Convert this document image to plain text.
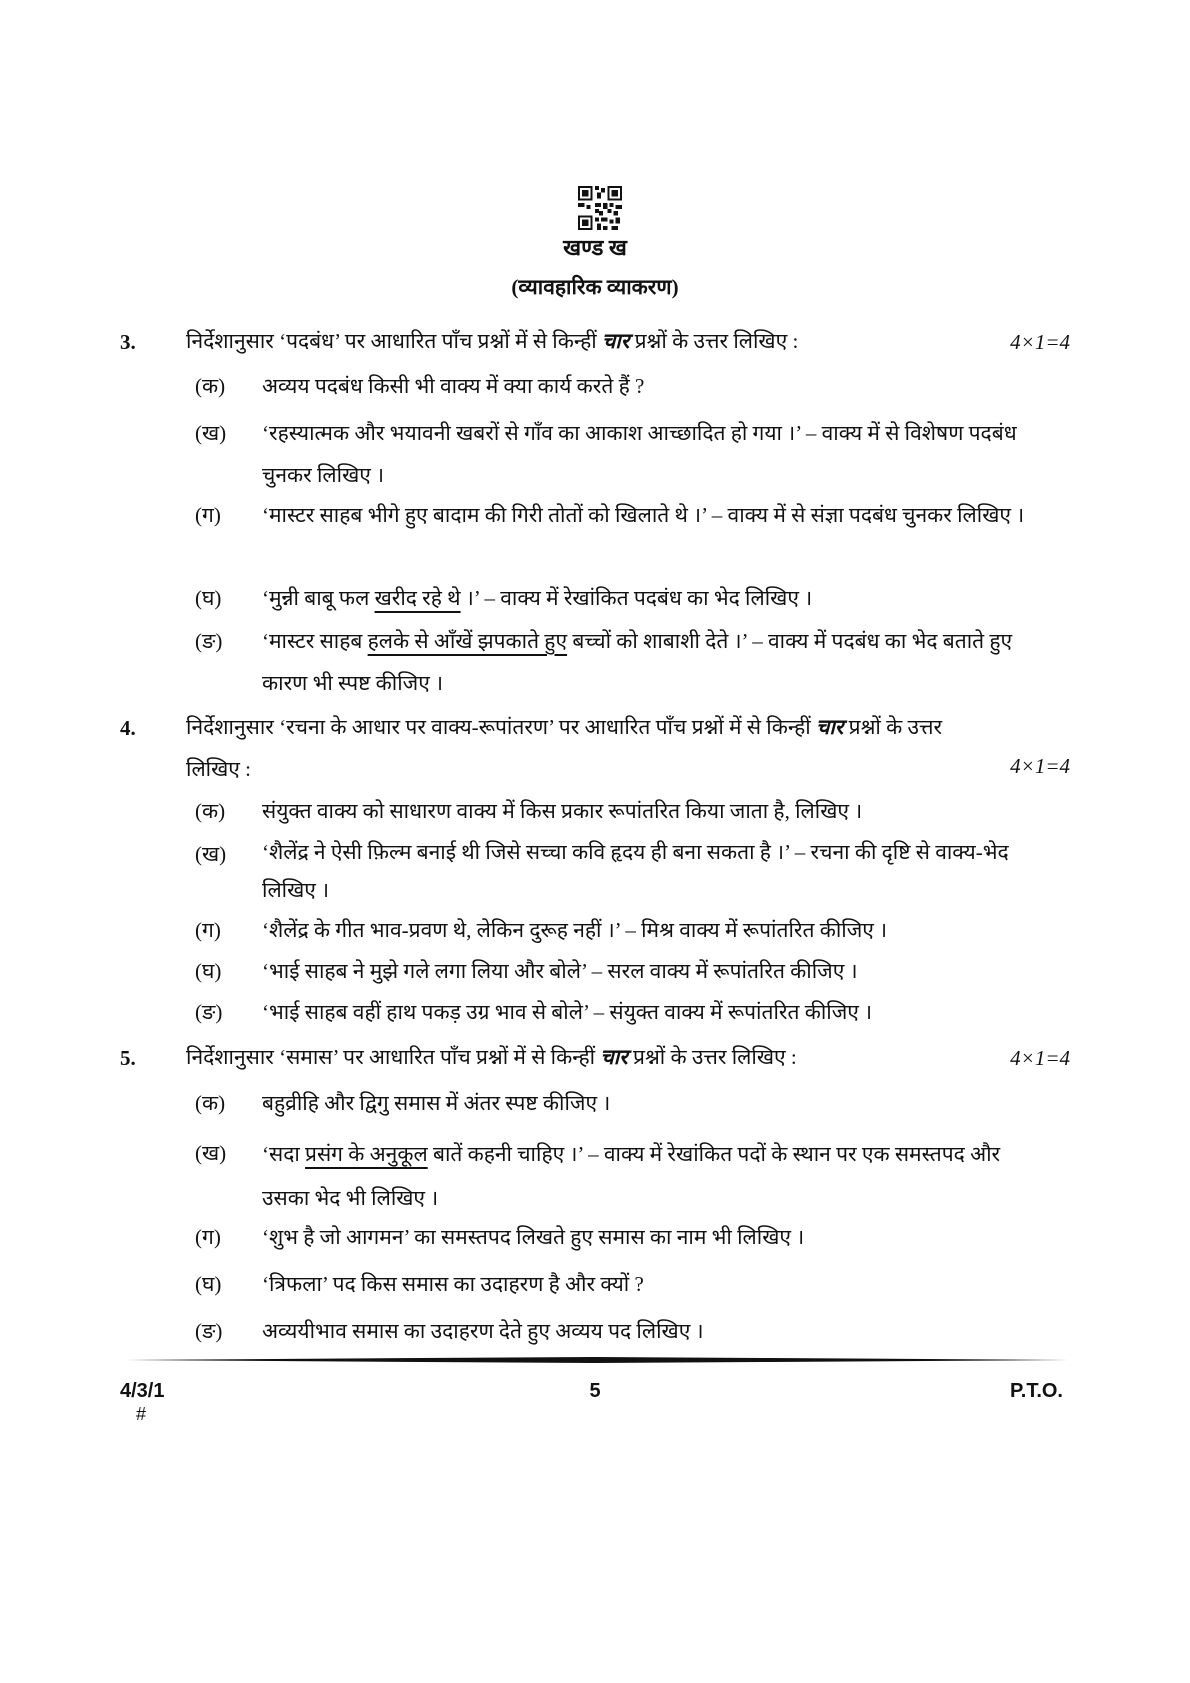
खण्ड ख
(व्यावहारिक व्याकरण)
3. निर्देशानुसार ‘पदबंध’ पर आधारित पाँच प्रश्नों में से किन्हीं चार प्रश्नों के उत्तर लिखिए :	4×1=4
(क) अव्यय पदबंध किसी भी वाक्य में क्या कार्य करते हैं ?
(ख) ‘रहस्यात्मक और भयावनी खबरों से गाँव का आकाश आच्छादित हो गया ।’ – वाक्य में से विशेषण पदबंध चुनकर लिखिए ।
(ग) ‘मास्टर साहब भीगे हुए बादाम की गिरी तोतों को खिलाते थे ।’ – वाक्य में से संज्ञा पदबंध चुनकर लिखिए ।
(घ) ‘मुन्नी बाबू फल खरीद रहे थे ।’ – वाक्य में रेखांकित पदबंध का भेद लिखिए ।
(ङ) ‘मास्टर साहब हलके से आँखें झपकाते हुए बच्चों को शाबाशी देते ।’ – वाक्य में पदबंध का भेद बताते हुए कारण भी स्पष्ट कीजिए ।
4. निर्देशानुसार ‘रचना के आधार पर वाक्य-रूपांतरण’ पर आधारित पाँच प्रश्नों में से किन्हीं चार प्रश्नों के उत्तर लिखिए :	4×1=4
(क) संयुक्त वाक्य को साधारण वाक्य में किस प्रकार रूपांतरित किया जाता है, लिखिए ।
(ख) ‘शैलेंद्र ने ऐसी फ़िल्म बनाई थी जिसे सच्चा कवि हृदय ही बना सकता है ।’ – रचना की दृष्टि से वाक्य-भेद लिखिए ।
(ग) ‘शैलेंद्र के गीत भाव-प्रवण थे, लेकिन दुरूह नहीं ।’ – मिश्र वाक्य में रूपांतरित कीजिए ।
(घ) ‘भाई साहब ने मुझे गले लगा लिया और बोले’ – सरल वाक्य में रूपांतरित कीजिए ।
(ङ) ‘भाई साहब वहीं हाथ पकड़ उग्र भाव से बोले’ – संयुक्त वाक्य में रूपांतरित कीजिए ।
5. निर्देशानुसार ‘समास’ पर आधारित पाँच प्रश्नों में से किन्हीं चार प्रश्नों के उत्तर लिखिए :	4×1=4
(क) बहुव्रीहि और द्विगु समास में अंतर स्पष्ट कीजिए ।
(ख) ‘सदा प्रसंग के अनुकूल बातें कहनी चाहिए ।’ – वाक्य में रेखांकित पदों के स्थान पर एक समस्तपद और उसका भेद भी लिखिए ।
(ग) ‘शुभ है जो आगमन’ का समस्तपद लिखते हुए समास का नाम भी लिखिए ।
(घ) ‘त्रिफला’ पद किस समास का उदाहरण है और क्यों ?
(ङ) अव्ययीभाव समास का उदाहरण देते हुए अव्यय पद लिखिए ।
4/3/1
#
5	P.T.O.
